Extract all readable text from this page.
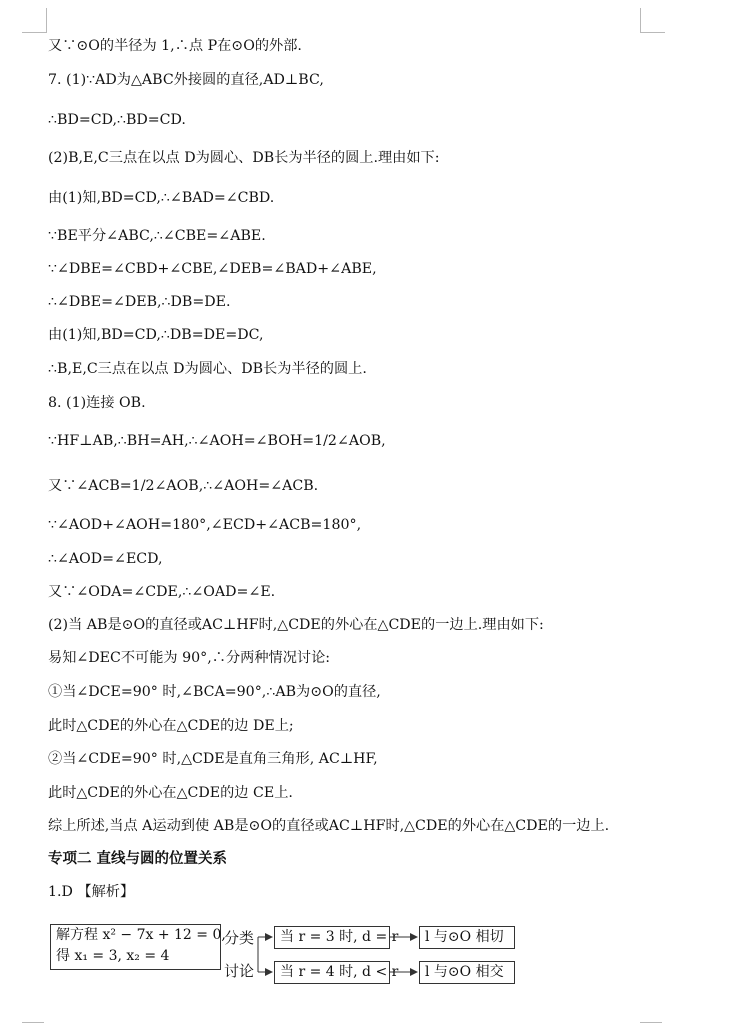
又∵⊙O的半径为 1,∴点 P在⊙O的外部.
7. (1)∵AD为△ABC外接圆的直径,AD⊥BC,
∴BD=CD,∴BD=CD.
(2)B,E,C三点在以点 D为圆心、DB长为半径的圆上.理由如下:
由(1)知,BD=CD,∴∠BAD=∠CBD.
∵BE平分∠ABC,∴∠CBE=∠ABE.
∵∠DBE=∠CBD+∠CBE,∠DEB=∠BAD+∠ABE,
∴∠DBE=∠DEB,∴DB=DE.
由(1)知,BD=CD,∴DB=DE=DC,
∴B,E,C三点在以点 D为圆心、DB长为半径的圆上.
8. (1)连接 OB.
∵HF⊥AB,∴BH=AH,∴∠AOH=∠BOH=1/2∠AOB,
又∵∠ACB=1/2∠AOB,∴∠AOH=∠ACB.
∵∠AOD+∠AOH=180°,∠ECD+∠ACB=180°,
∴∠AOD=∠ECD,
又∵∠ODA=∠CDE,∴∠OAD=∠E.
(2)当 AB是⊙O的直径或AC⊥HF时,△CDE的外心在△CDE的一边上.理由如下:
易知∠DEC不可能为 90°,∴分两种情况讨论:
①当∠DCE=90° 时,∠BCA=90°,∴AB为⊙O的直径,
此时△CDE的外心在△CDE的边 DE上;
②当∠CDE=90° 时,△CDE是直角三角形, AC⊥HF,
此时△CDE的外心在△CDE的边 CE上.
综上所述,当点 A运动到使 AB是⊙O的直径或AC⊥HF时,△CDE的外心在△CDE的一边上.
专项二 直线与圆的位置关系
1.D 【解析】
解方程 x² − 7x + 12 = 0,
得 x₁ = 3, x₂ = 4
分类
讨论
当 r = 3 时, d = r
当 r = 4 时, d < r
l 与⊙O 相切
l 与⊙O 相交
